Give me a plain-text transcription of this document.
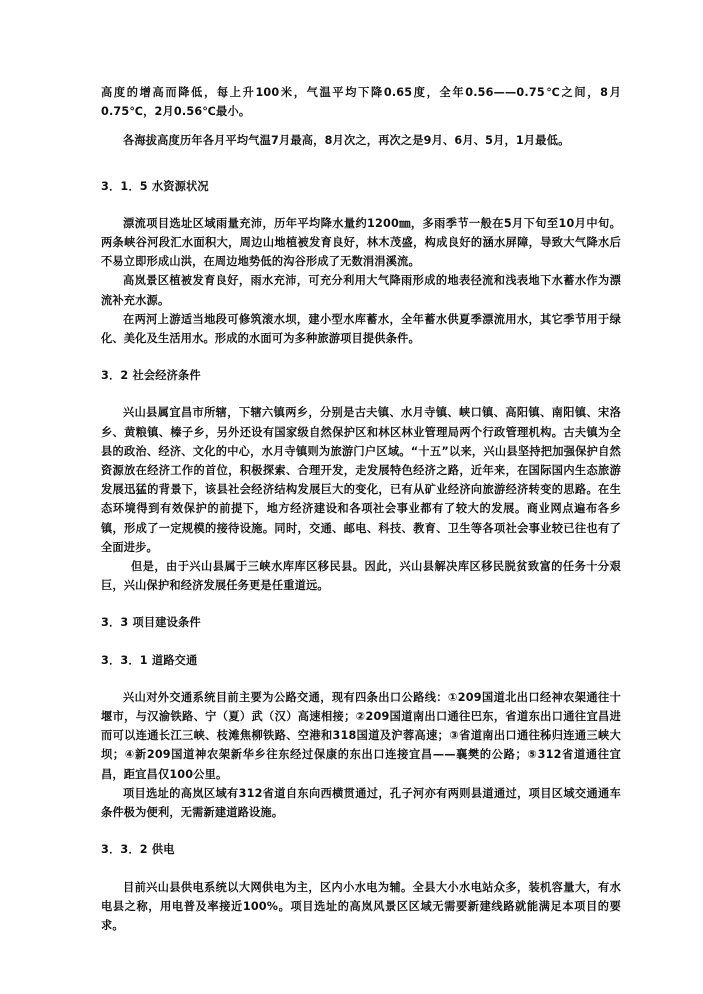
高度的增高而降低，每上升100米，气温平均下降0.65度，全年0.56——0.75℃之间，8月0.75℃，2月0.56℃最小。

各海拔高度历年各月平均气温7月最高，8月次之，再次之是9月、6月、5月，1月最低。

3．1．5 水资源状况

漂流项目选址区域雨量充沛，历年平均降水量约1200㎜，多雨季节一般在5月下旬至10月中旬。两条峡谷河段汇水面积大，周边山地植被发育良好，林木茂盛，构成良好的涵水屏障，导致大气降水后不易立即形成山洪，在周边地势低的沟谷形成了无数涓涓溪流。

高岚景区植被发育良好，雨水充沛，可充分利用大气降雨形成的地表径流和浅表地下水蓄水作为漂流补充水源。

在两河上游适当地段可修筑滚水坝，建小型水库蓄水，全年蓄水供夏季漂流用水，其它季节用于绿化、美化及生活用水。形成的水面可为多种旅游项目提供条件。

3．2 社会经济条件

兴山县属宜昌市所辖，下辖六镇两乡，分别是古夫镇、水月寺镇、峡口镇、高阳镇、南阳镇、宋洛乡、黄粮镇、榛子乡，另外还设有国家级自然保护区和林区林业管理局两个行政管理机构。古夫镇为全县的政治、经济、文化的中心，水月寺镇则为旅游门户区域。“十五”以来，兴山县坚持把加强保护自然资源放在经济工作的首位，积极探索、合理开发，走发展特色经济之路，近年来，在国际国内生态旅游发展迅猛的背景下，该县社会经济结构发展巨大的变化，已有从矿业经济向旅游经济转变的思路。在生态环境得到有效保护的前提下，地方经济建设和各项社会事业都有了较大的发展。商业网点遍布各乡镇，形成了一定规模的接待设施。同时，交通、邮电、科技、教育、卫生等各项社会事业较已往也有了全面进步。

但是，由于兴山县属于三峡水库库区移民县。因此，兴山县解决库区移民脱贫致富的任务十分艰巨，兴山保护和经济发展任务更是任重道远。

3．3 项目建设条件
3．3．1 道路交通

兴山对外交通系统目前主要为公路交通，现有四条出口公路线：①209国道北出口经神农架通往十堰市，与汉渝铁路、宁（夏）武（汉）高速相接；②209国道南出口通往巴东，省道东出口通往宜昌进而可以连通长江三峡、枝滩焦柳铁路、空港和318国道及沪蓉高速；③省道南出口通往秭归连通三峡大坝；④新209国道神农架新华乡往东经过保康的东出口连接宜昌——襄樊的公路；⑤312省道通往宜昌，距宜昌仅100公里。

项目选址的高岚区域有312省道自东向西横贯通过，孔子河亦有两则县道通过，项目区域交通通车条件极为便利，无需新建道路设施。

3．3．2 供电

目前兴山县供电系统以大网供电为主，区内小水电为辅。全县大小水电站众多，装机容量大，有水电县之称，用电普及率接近100%。项目选址的高岚风景区区域无需要新建线路就能满足本项目的要求。
